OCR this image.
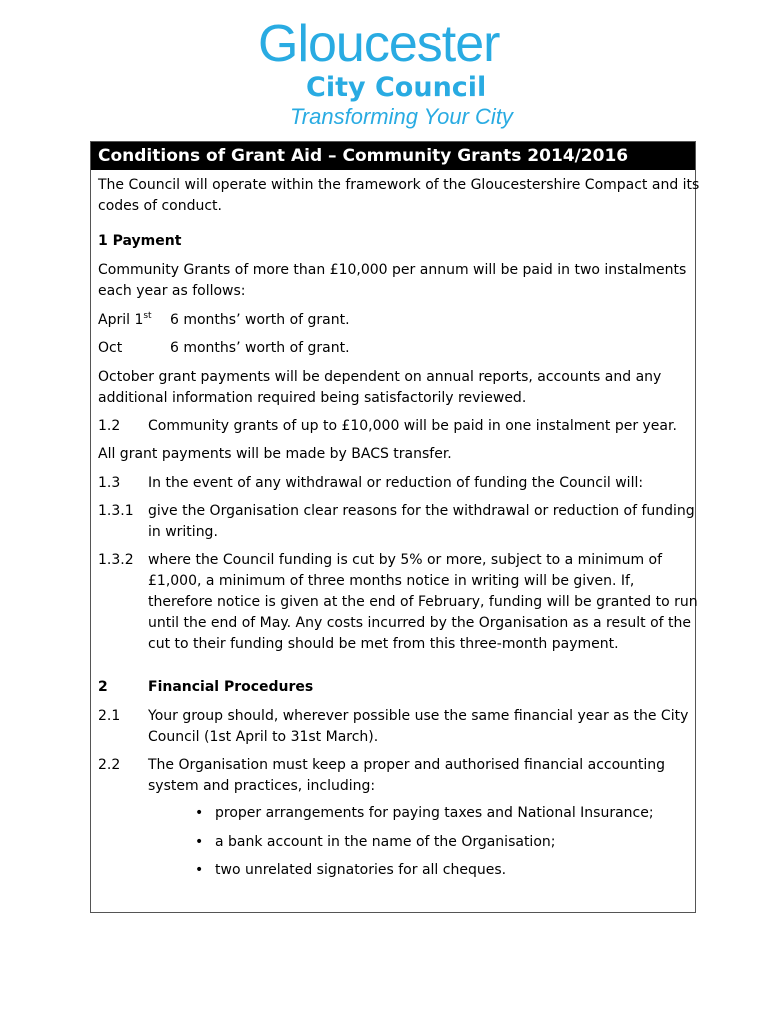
Gloucester
City Council
Transforming Your City
Conditions of Grant Aid – Community Grants 2014/2016
The Council will operate within the framework of the Gloucestershire Compact and its
codes of conduct.
1 Payment
Community Grants of more than £10,000 per annum will be paid in two instalments
each year as follows:
April 1st 6 months’ worth of grant.
Oct	6 months’ worth of grant.
October grant payments will be dependent on annual reports, accounts and any
additional information required being satisfactorily reviewed.
1.2 Community grants of up to £10,000 will be paid in one instalment per year.
All grant payments will be made by BACS transfer.
1.3 In the event of any withdrawal or reduction of funding the Council will:
1.3.1 give the Organisation clear reasons for the withdrawal or reduction of funding
in writing.
1.3.2 where the Council funding is cut by 5% or more, subject to a minimum of
£1,000, a minimum of three months notice in writing will be given. If,
therefore notice is given at the end of February, funding will be granted to run
until the end of May. Any costs incurred by the Organisation as a result of the
cut to their funding should be met from this three-month payment.
2	Financial Procedures
2.1 Your group should, wherever possible use the same financial year as the City
Council (1st April to 31st March).
2.2 The Organisation must keep a proper and authorised financial accounting
system and practices, including:
• proper arrangements for paying taxes and National Insurance;
• a bank account in the name of the Organisation;
• two unrelated signatories for all cheques.
